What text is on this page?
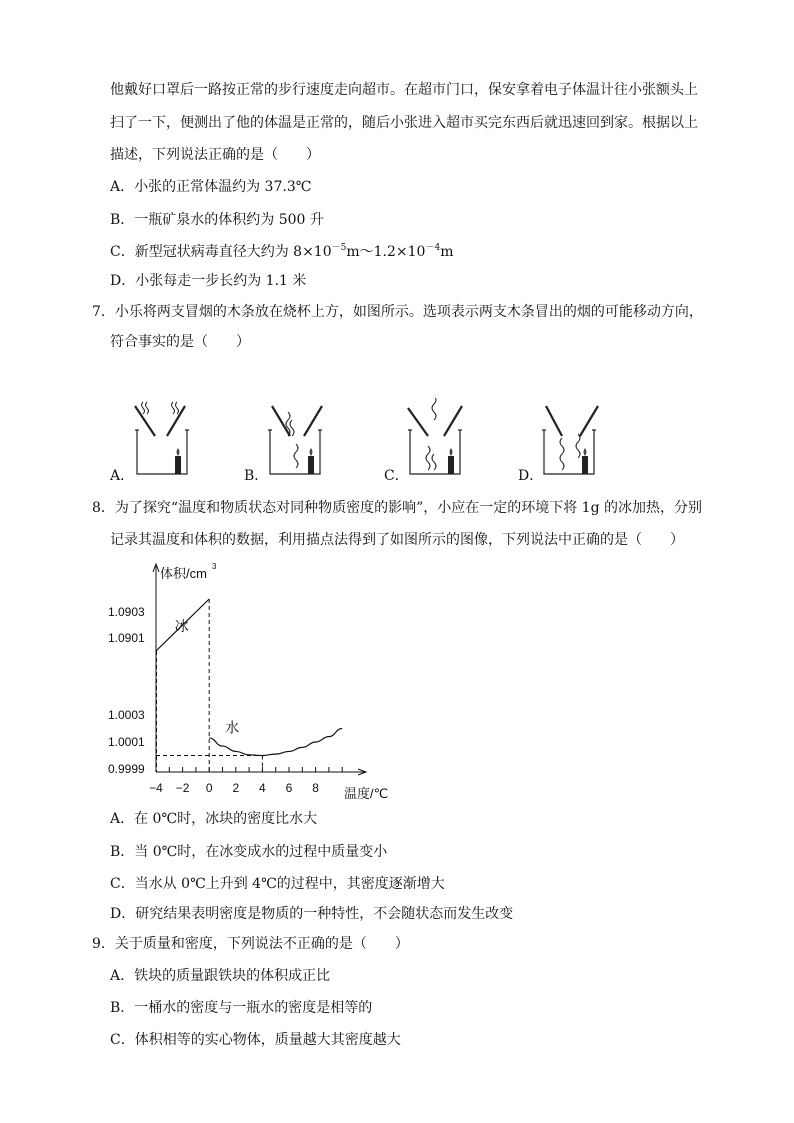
他戴好口罩后一路按正常的步行速度走向超市。在超市门口，保安拿着电子体温计往小张额头上
扫了一下，便测出了他的体温是正常的，随后小张进入超市买完东西后就迅速回到家。根据以上
描述，下列说法正确的是（　　）
A．小张的正常体温约为 37.3℃
B．一瓶矿泉水的体积约为 500 升
C．新型冠状病毒直径大约为 $8\times 10^{-5}m\sim 1.2\times 10^{-4}m$
D．小张每走一步长约为 1.1 米
7．小乐将两支冒烟的木条放在烧杯上方，如图所示。选项表示两支木条冒出的烟的可能移动方向，
符合事实的是（　　）
A．	B．	C．	D．
8．为了探究“温度和物质状态对同种物质密度的影响”，小应在一定的环境下将 1g 的冰加热，分别
记录其温度和体积的数据，利用描点法得到了如图所示的图像，下列说法中正确的是（　　）
体积/cm 3
温度/℃
1.0903
1.0901
1.0003
1.0001
0.9999
−4 −2 0 2 4 6 8
冰
水
A．在 0℃时，冰块的密度比水大
B．当 0℃时，在冰变成水的过程中质量变小
C．当水从 0℃上升到 4℃的过程中，其密度逐渐增大
D．研究结果表明密度是物质的一种特性，不会随状态而发生改变
9．关于质量和密度，下列说法不正确的是（　　）
A．铁块的质量跟铁块的体积成正比
B．一桶水的密度与一瓶水的密度是相等的
C．体积相等的实心物体，质量越大其密度越大
